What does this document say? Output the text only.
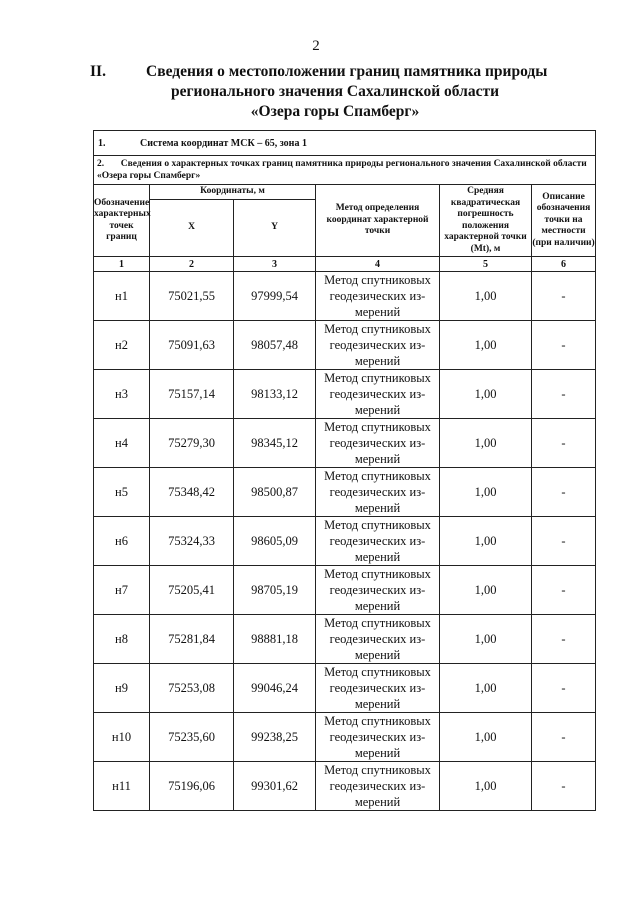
2
II.	Сведения о местоположении границ памятника природы
регионального значения Сахалинской области
«Озера горы Спамберг»
1. Система координат МСК – 65, зона 1					
2. Сведения о характерных точках границ памятника природы регионального значения Сахалинской области «Озера горы Спамберг»					
Обозначение характерных точек границ	Координаты, м		Метод определения координат характерной точки	Средняя квадратическая погрешность положения характерной точки (Mt), м	Описание обозначения точки на местности (при наличии)
	X	Y			
1	2	3	4	5	6
н1	75021,55	97999,54	Метод спутниковых
геодезических из-
мерений	1,00	-
н2	75091,63	98057,48	Метод спутниковых
геодезических из-
мерений	1,00	-
н3	75157,14	98133,12	Метод спутниковых
геодезических из-
мерений	1,00	-
н4	75279,30	98345,12	Метод спутниковых
геодезических из-
мерений	1,00	-
н5	75348,42	98500,87	Метод спутниковых
геодезических из-
мерений	1,00	-
н6	75324,33	98605,09	Метод спутниковых
геодезических из-
мерений	1,00	-
н7	75205,41	98705,19	Метод спутниковых
геодезических из-
мерений	1,00	-
н8	75281,84	98881,18	Метод спутниковых
геодезических из-
мерений	1,00	-
н9	75253,08	99046,24	Метод спутниковых
геодезических из-
мерений	1,00	-
н10	75235,60	99238,25	Метод спутниковых
геодезических из-
мерений	1,00	-
н11	75196,06	99301,62	Метод спутниковых
геодезических из-
мерений	1,00	-
